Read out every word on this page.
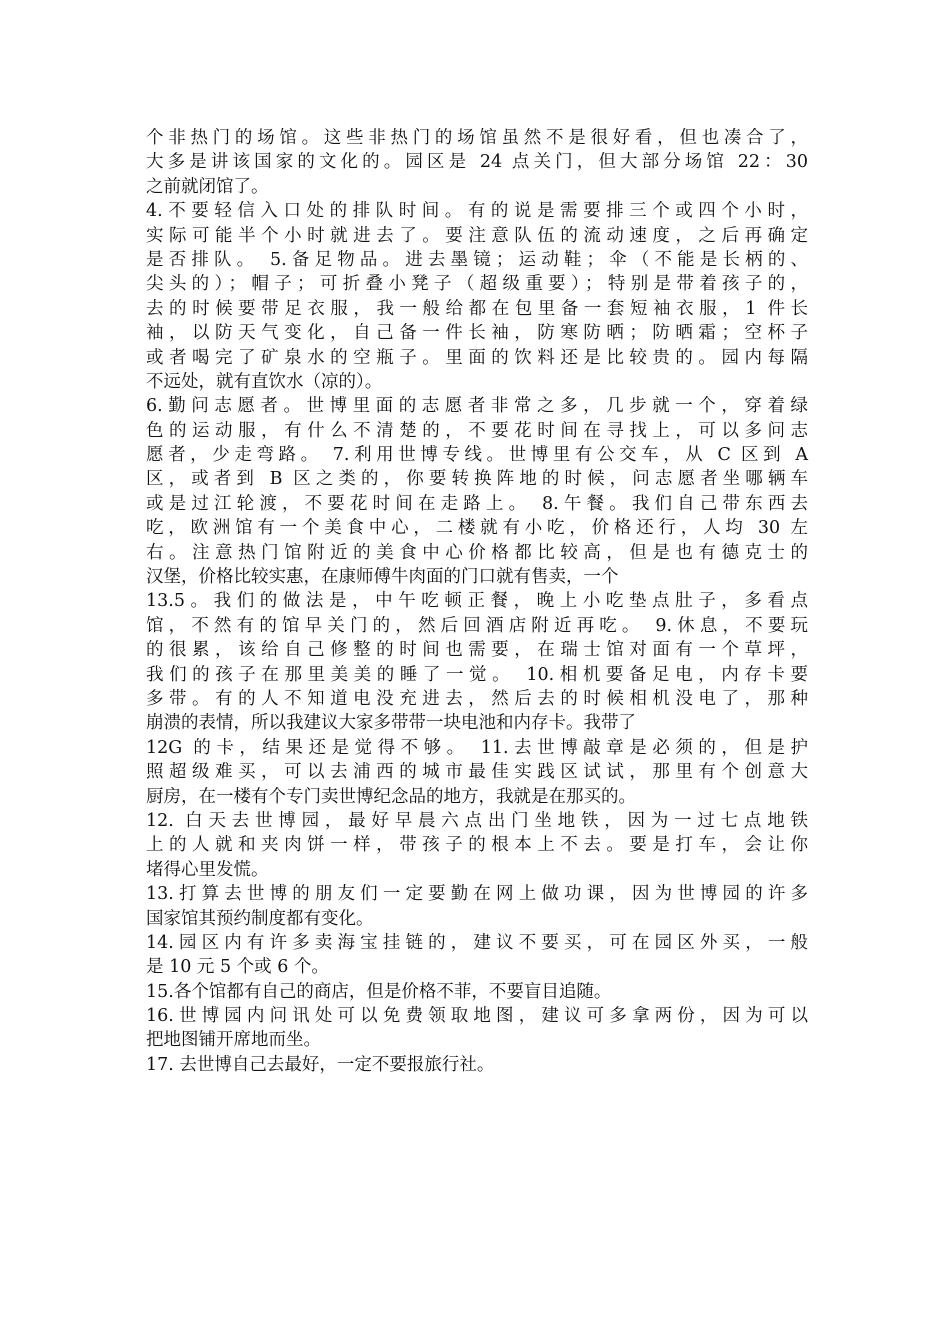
个非热门的场馆。这些非热门的场馆虽然不是很好看，但也凑合了，
大多是讲该国家的文化的。园区是 24 点关门，但大部分场馆 22：30
之前就闭馆了。
4.不要轻信入口处的排队时间。有的说是需要排三个或四个小时，
实际可能半个小时就进去了。要注意队伍的流动速度，之后再确定
是否排队。 5.备足物品。进去墨镜；运动鞋；伞（不能是长柄的、
尖头的）；帽子；可折叠小凳子（超级重要）；特别是带着孩子的，
去的时候要带足衣服，我一般给都在包里备一套短袖衣服，1 件长
袖，以防天气变化，自己备一件长袖，防寒防晒；防晒霜；空杯子
或者喝完了矿泉水的空瓶子。里面的饮料还是比较贵的。园内每隔
不远处，就有直饮水（凉的）。
6.勤问志愿者。世博里面的志愿者非常之多，几步就一个，穿着绿
色的运动服，有什么不清楚的，不要花时间在寻找上，可以多问志
愿者，少走弯路。 7.利用世博专线。世博里有公交车，从 C 区到 A
区，或者到 B 区之类的，你要转换阵地的时候，问志愿者坐哪辆车
或是过江轮渡，不要花时间在走路上。 8.午餐。我们自己带东西去
吃，欧洲馆有一个美食中心，二楼就有小吃，价格还行，人均 30 左
右。注意热门馆附近的美食中心价格都比较高，但是也有德克士的
汉堡，价格比较实惠，在康师傅牛肉面的门口就有售卖，一个
13.5。我们的做法是，中午吃顿正餐，晚上小吃垫点肚子，多看点
馆，不然有的馆早关门的，然后回酒店附近再吃。 9.休息，不要玩
的很累，该给自己修整的时间也需要，在瑞士馆对面有一个草坪，
我们的孩子在那里美美的睡了一觉。 10.相机要备足电，内存卡要
多带。有的人不知道电没充进去，然后去的时候相机没电了，那种
崩溃的表情，所以我建议大家多带带一块电池和内存卡。我带了
12G 的卡，结果还是觉得不够。 11.去世博敲章是必须的，但是护
照超级难买，可以去浦西的城市最佳实践区试试，那里有个创意大
厨房，在一楼有个专门卖世博纪念品的地方，我就是在那买的。
12. 白天去世博园，最好早晨六点出门坐地铁，因为一过七点地铁
上的人就和夹肉饼一样，带孩子的根本上不去。要是打车，会让你
堵得心里发慌。
13.打算去世博的朋友们一定要勤在网上做功课，因为世博园的许多
国家馆其预约制度都有变化。
14.园区内有许多卖海宝挂链的，建议不要买，可在园区外买，一般
是 10 元 5 个或 6 个。
15.各个馆都有自己的商店，但是价格不菲，不要盲目追随。
16.世博园内问讯处可以免费领取地图，建议可多拿两份，因为可以
把地图铺开席地而坐。
17. 去世博自己去最好，一定不要报旅行社。
